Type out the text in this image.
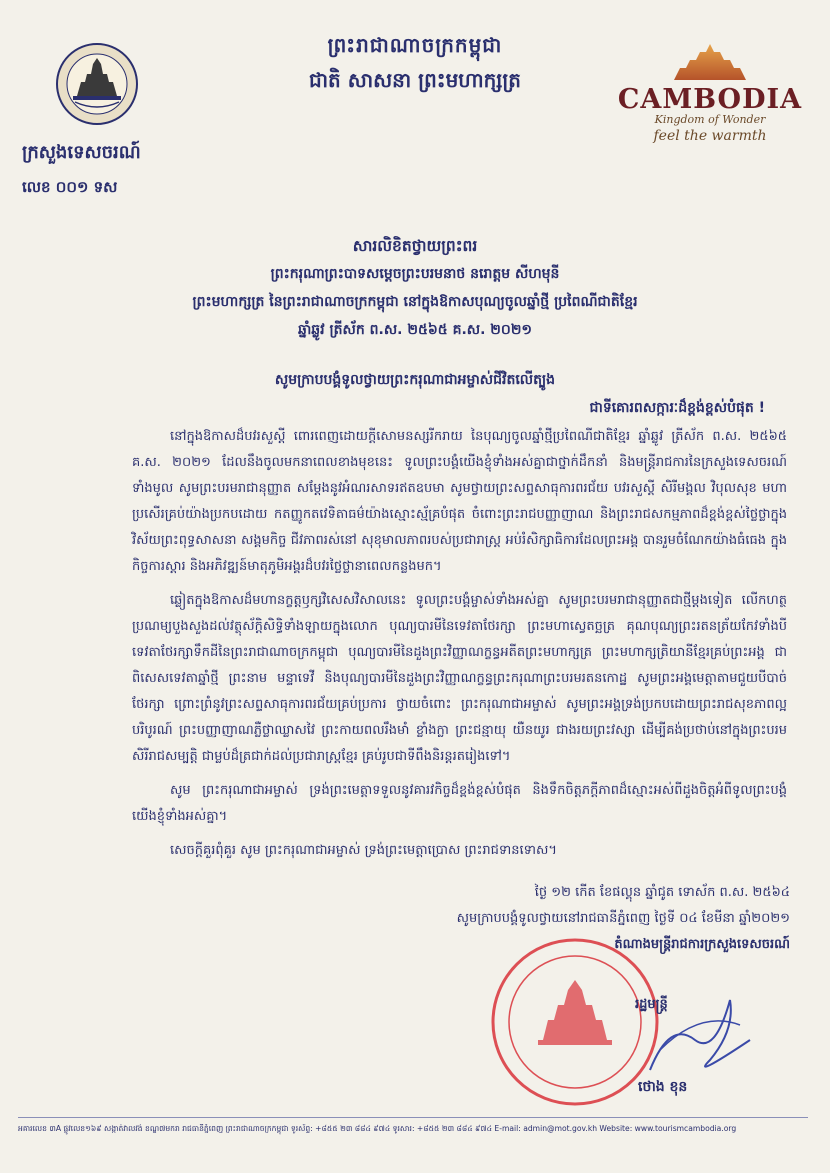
ក្រសួងទេសចរណ៍
លេខ ០០១ ទស
ព្រះរាជាណាចក្រកម្ពុជា
ជាតិ សាសនា ព្រះមហាក្សត្រ
CAMBODIA
Kingdom of Wonder
feel the warmth
សារលិខិតថ្វាយព្រះពរ
ព្រះករុណាព្រះបាទសម្តេចព្រះបរមនាថ នរោត្តម សីហមុនី
ព្រះមហាក្សត្រ នៃព្រះរាជាណាចក្រកម្ពុជា នៅក្នុងឱកាសបុណ្យចូលឆ្នាំថ្មី ប្រពៃណីជាតិខ្មែរ
ឆ្នាំឆ្លូវ ត្រីស័ក ព.ស. ២៥៦៥ គ.ស. ២០២១
សូមក្រាបបង្គំទូលថ្វាយព្រះករុណាជាអម្ចាស់ជីវិតលើត្បូង
ជាទីគោរពសក្ការៈដ៏ខ្ពង់ខ្ពស់បំផុត !

នៅក្នុងឱកាសដ៏បវរសួស្តី ពោរពេញដោយក្តីសោមនស្សរីករាយ នៃបុណ្យចូលឆ្នាំថ្មីប្រពៃណីជាតិខ្មែរ ឆ្នាំឆ្លូវ ត្រីស័ក ព.ស. ២៥៦៥ គ.ស. ២០២១ ដែលនឹងចូលមកនាពេលខាងមុខនេះ ទូលព្រះបង្គំយើងខ្ញុំទាំងអស់គ្នាជាថ្នាក់ដឹកនាំ និងមន្ត្រីរាជការនៃក្រសួងទេសចរណ៍ទាំងមូល សូមព្រះបរមរាជានុញ្ញាត សម្តែងនូវអំណរសាទរឥតឧបមា សូមថ្វាយព្រះសព្ទសាធុការពរជ័យ បវរសួស្តី សិរីមង្គល វិបុលសុខ មហាប្រសើរគ្រប់យ៉ាងប្រកបដោយ កតញ្ញូកតវេទិតាធម៌យ៉ាងស្មោះស្ម័គ្របំផុត ចំពោះព្រះរាជបញ្ញាញាណ និងព្រះរាជសកម្មភាពដ៏ខ្ពង់ខ្ពស់ថ្លៃថ្លាក្នុងវិស័យព្រះពុទ្ធសាសនា សង្គមកិច្ច ជីវភាពរស់នៅ សុខុមាលភាពរបស់ប្រជារាស្ត្រ អប់រំសិក្សាធិការដែលព្រះអង្គ បានរួមចំណែកយ៉ាងធំធេង ក្នុងកិច្ចការស្តារ និងអភិវឌ្ឍន៍មាតុភូមិអង្គរដ៏បវរថ្លៃថ្លានាពេលកន្លងមក។

ឆ្លៀតក្នុងឱកាសដ៏មហានក្ខត្តឫក្សវិសេសវិសាលនេះ ទូលព្រះបង្គំម្ចាស់ទាំងអស់គ្នា សូមព្រះបរមរាជានុញ្ញាតជាថ្មីម្តងទៀត លើកហត្ថប្រណម្យបួងសួងដល់វត្ថុស័ក្តិសិទ្ធិទាំងឡាយក្នុងលោក បុណ្យបារមីនៃទេវតាថែរក្សា ព្រះមហាស្វេតច្ឆត្រ គុណបុណ្យព្រះរតនត្រ័យកែវទាំងបី ទេវតាថែរក្សាទឹកដីនៃព្រះរាជាណាចក្រកម្ពុជា បុណ្យបារមីនៃដួងព្រះវិញ្ញាណក្ខន្ធអតីតព្រះមហាក្សត្រ ព្រះមហាក្សត្រិយានីខ្មែរគ្រប់ព្រះអង្គ ជាពិសេសទេវតាឆ្នាំថ្មី ព្រះនាម មន្ទាទេវី និងបុណ្យបារមីនៃដួងព្រះវិញ្ញាណក្ខន្ធព្រះករុណាព្រះបរមរតនកោដ្ឋ សូមព្រះអង្គមេត្តាតាមជួយបីបាច់ថែរក្សា ព្រោះព្រំនូវព្រះសព្ទសាធុការពរជ័យគ្រប់ប្រការ ថ្វាយចំពោះ ព្រះករុណាជាអម្ចាស់ សូមព្រះអង្គទ្រង់ប្រកបដោយព្រះរាជសុខភាពល្អបរិបូរណ៍ ព្រះបញ្ញាញាណភ្លឺថ្លាឈ្លាសវៃ ព្រះកាយពលរឹងមាំ ខ្លាំងក្លា ព្រះជន្មាយុ យឺនយូរ ជាងរយព្រះវស្សា ដើម្បីគង់ប្រថាប់នៅក្នុងព្រះបរមសិរីរាជសម្បត្តិ ជាម្លប់ដ៏ត្រជាក់ដល់ប្រជារាស្ត្រខ្មែរ គ្រប់រូបជាទីពឹងនិរន្តរតរៀងទៅ។

សូម ព្រះករុណាជាអម្ចាស់ ទ្រង់ព្រះមេត្តាទទួលនូវគារវកិច្ចដ៏ខ្ពង់ខ្ពស់បំផុត និងទឹកចិត្តភក្តីភាពដ៏ស្មោះអស់ពីដួងចិត្តអំពីទូលព្រះបង្គំយើងខ្ញុំទាំងអស់គ្នា។

សេចក្តីគួរពុំគួរ សូម ព្រះករុណាជាអម្ចាស់ ទ្រង់ព្រះមេត្តាប្រោស ព្រះរាជទានទោស។

ថ្ងៃ ១២ កើត ខែផល្គុន ឆ្នាំជូត ទោស័ក ព.ស. ២៥៦៤
សូមក្រាបបង្គំទូលថ្វាយនៅរាជធានីភ្នំពេញ ថ្ងៃទី ០៤ ខែមីនា ឆ្នាំ២០២១
តំណាងមន្ត្រីរាជការក្រសួងទេសចរណ៍
រដ្ឋមន្ត្រី
ថោង ខុន
អគារលេខ ៣A ផ្លូវលេខ១៦៩ សង្កាត់វាលវង់ ខណ្ឌ៧មករា រាជធានីភ្នំពេញ ព្រះរាជាណាចក្រកម្ពុជា ទូរស័ព្ទ: +៨៥៥ ២៣ ៨៨៤ ៩៧៤ ទូរសារ: +៨៥៥ ២៣ ៨៨៤ ៩៧៤ E-mail: admin@mot.gov.kh Website: www.tourismcambodia.org
